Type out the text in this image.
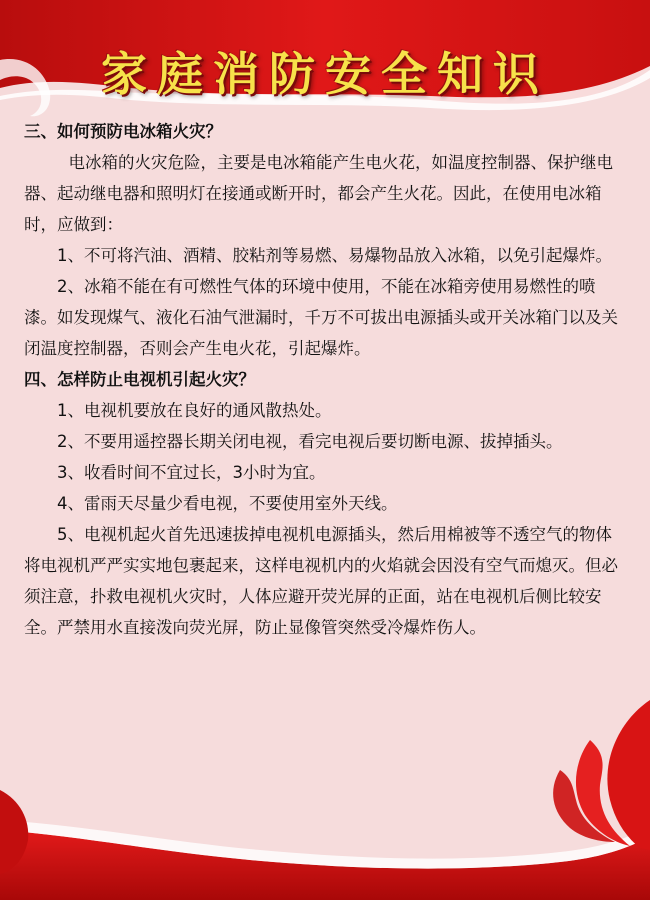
家庭消防安全知识

三、如何预防电冰箱火灾？

电冰箱的火灾危险，主要是电冰箱能产生电火花，如温度控制器、保护继电器、起动继电器和照明灯在接通或断开时，都会产生火花。因此，在使用电冰箱时，应做到：

1、不可将汽油、酒精、胶粘剂等易燃、易爆物品放入冰箱，以免引起爆炸。

2、冰箱不能在有可燃性气体的环境中使用，不能在冰箱旁使用易燃性的喷漆。如发现煤气、液化石油气泄漏时，千万不可拔出电源插头或开关冰箱门以及关闭温度控制器，否则会产生电火花，引起爆炸。

四、怎样防止电视机引起火灾？

1、电视机要放在良好的通风散热处。

2、不要用遥控器长期关闭电视，看完电视后要切断电源、拔掉插头。

3、收看时间不宜过长，3小时为宜。

4、雷雨天尽量少看电视，不要使用室外天线。

5、电视机起火首先迅速拔掉电视机电源插头，然后用棉被等不透空气的物体将电视机严严实实地包裹起来，这样电视机内的火焰就会因没有空气而熄灭。但必须注意，扑救电视机火灾时，人体应避开荧光屏的正面，站在电视机后侧比较安全。严禁用水直接泼向荧光屏，防止显像管突然受冷爆炸伤人。
